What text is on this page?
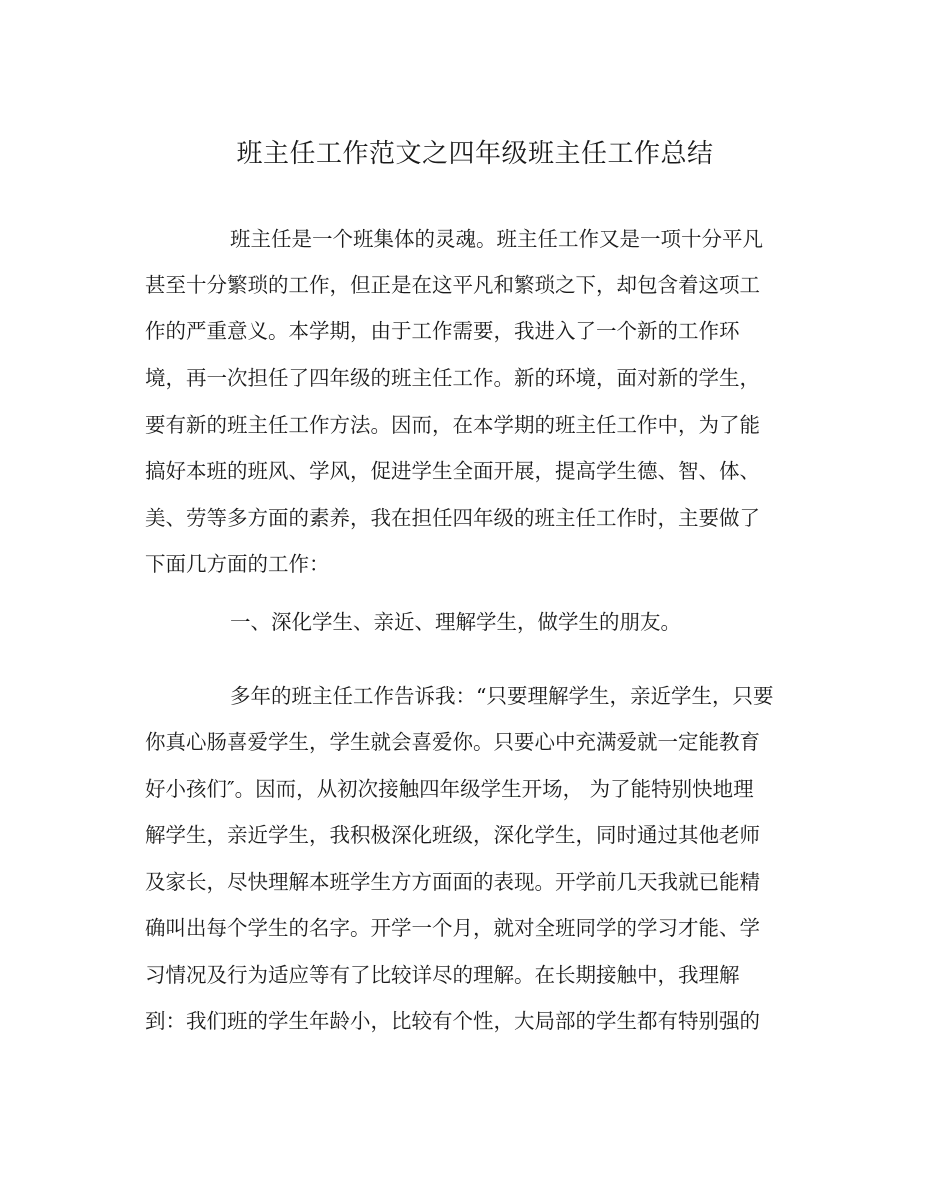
班主任工作范文之四年级班主任工作总结
班主任是一个班集体的灵魂。班主任工作又是一项十分平凡
甚至十分繁琐的工作，但正是在这平凡和繁琐之下，却包含着这项工
作的严重意义。本学期，由于工作需要，我进入了一个新的工作环
境，再一次担任了四年级的班主任工作。新的环境，面对新的学生，
要有新的班主任工作方法。因而，在本学期的班主任工作中，为了能
搞好本班的班风、学风，促进学生全面开展，提高学生德、智、体、
美、劳等多方面的素养，我在担任四年级的班主任工作时，主要做了
下面几方面的工作：
一、深化学生、亲近、理解学生，做学生的朋友。
多年的班主任工作告诉我：“只要理解学生，亲近学生，只要
你真心肠喜爱学生，学生就会喜爱你。只要心中充满爱就一定能教育
好小孩们″。因而，从初次接触四年级学生开场， 为了能特别快地理
解学生，亲近学生，我积极深化班级，深化学生，同时通过其他老师
及家长，尽快理解本班学生方方面面的表现。开学前几天我就已能精
确叫出每个学生的名字。开学一个月，就对全班同学的学习才能、学
习情况及行为适应等有了比较详尽的理解。在长期接触中，我理解
到：我们班的学生年龄小，比较有个性，大局部的学生都有特别强的
